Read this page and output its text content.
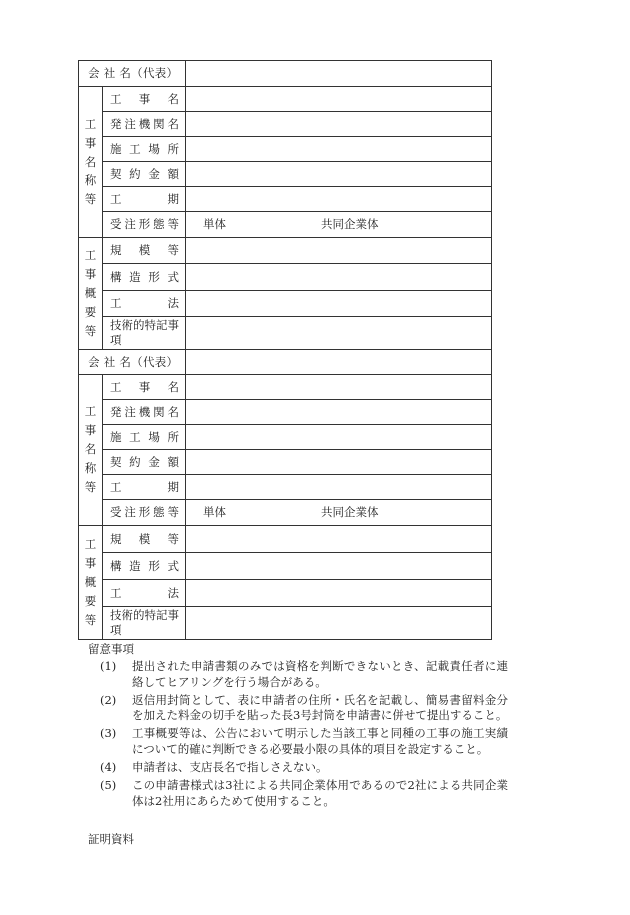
会 社 名（代表）		
工事名称等	工　事　名	

	発注機関名	

	施工場所	

	契約金額	

	工　　期	

	受注形態等	単体 共同企業体
工事概要等	規　模　等	

	構造形式	

	工　　法	

	技術的特記事項	

会 社 名（代表）		
工事名称等	工　事　名	

	発注機関名	

	施工場所	

	契約金額	

	工　　期	

	受注形態等	単体 共同企業体
工事概要等	規　模　等	

	構造形式	

	工　　法	

	技術的特記事項	

留意事項

(1) 提出された申請書類のみでは資格を判断できないとき、記載責任者に連絡してヒアリングを行う場合がある。
(2) 返信用封筒として、表に申請者の住所・氏名を記載し、簡易書留料金分を加えた料金の切手を貼った長3号封筒を申請書に併せて提出すること。
(3) 工事概要等は、公告において明示した当該工事と同種の工事の施工実績について的確に判断できる必要最小限の具体的項目を設定すること。
(4) 申請者は、支店長名で指しさえない。
(5) この申請書様式は3社による共同企業体用であるので2社による共同企業体は2社用にあらためて使用すること。
証明資料
